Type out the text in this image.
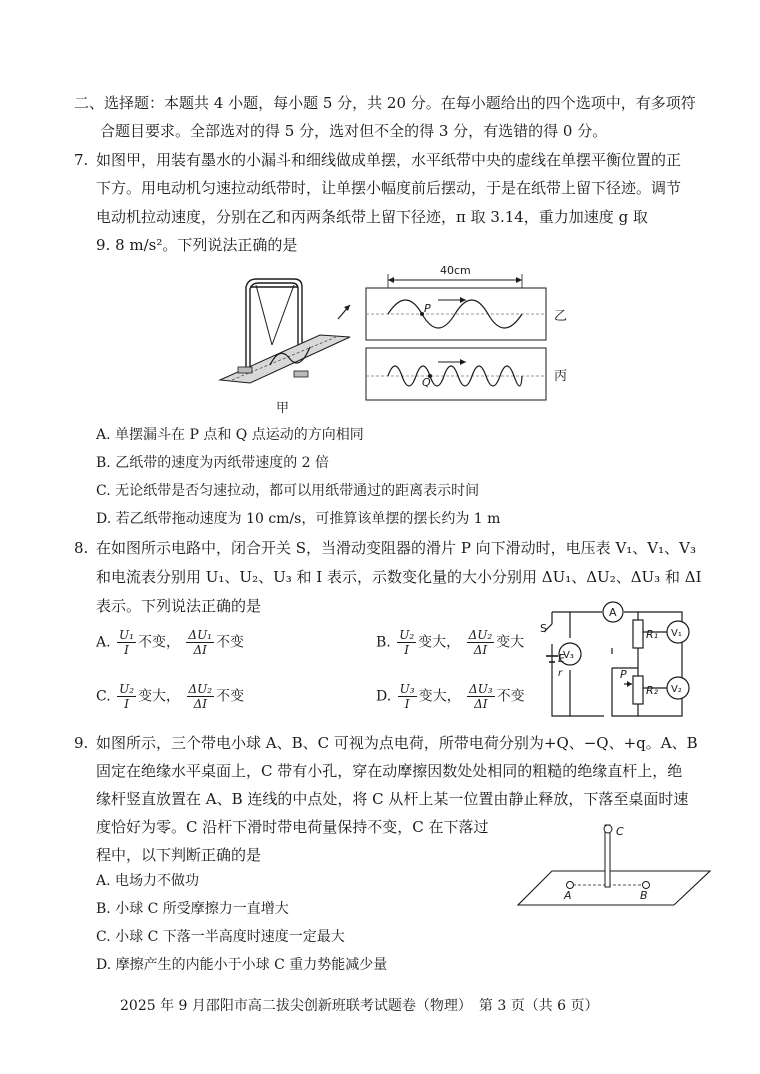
二、选择题：本题共 4 小题，每小题 5 分，共 20 分。在每小题给出的四个选项中，有多项符
合题目要求。全部选对的得 5 分，选对但不全的得 3 分，有选错的得 0 分。
7. 如图甲，用装有墨水的小漏斗和细线做成单摆，水平纸带中央的虚线在单摆平衡位置的正
下方。用电动机匀速拉动纸带时，让单摆小幅度前后摆动，于是在纸带上留下径迹。调节
电动机拉动速度，分别在乙和丙两条纸带上留下径迹，π 取 3.14，重力加速度 g 取
9. 8 m/s²。下列说法正确的是
甲
40cm
P
乙
Q	丙
A. 单摆漏斗在 P 点和 Q 点运动的方向相同
B. 乙纸带的速度为丙纸带速度的 2 倍
C. 无论纸带是否匀速拉动，都可以用纸带通过的距离表示时间
D. 若乙纸带拖动速度为 10 cm/s，可推算该单摆的摆长约为 1 m
8. 在如图所示电路中，闭合开关 S，当滑动变阻器的滑片 P 向下滑动时，电压表 V₁、V₁、V₃
和电流表分别用 U₁、U₂、U₃ 和 I 表示，示数变化量的大小分别用 ΔU₁、ΔU₂、ΔU₃ 和 ΔI
表示。下列说法正确的是
A. $\frac{\text{U₁}}{I}$ 不变， $\frac{\text{ΔU₁}}{\Delta I}$ 不变	B. $\frac{\text{U₂}}{I}$ 变大， $\frac{\text{ΔU₂}}{\Delta I}$ 变大
C. $\frac{\text{U₂}}{I}$ 变大， $\frac{\text{ΔU₂}}{\Delta I}$ 不变	D. $\frac{\text{U₃}}{I}$ 变大， $\frac{\text{ΔU₃}}{\Delta I}$ 不变
A
V₃
V₁
V₂
R₁
R₂
P
S
E
r
9. 如图所示，三个带电小球 A、B、C 可视为点电荷，所带电荷分别为+Q、−Q、+q。A、B
固定在绝缘水平桌面上，C 带有小孔，穿在动摩擦因数处处相同的粗糙的绝缘直杆上，绝
缘杆竖直放置在 A、B 连线的中点处，将 C 从杆上某一位置由静止释放，下落至桌面时速
度恰好为零。C 沿杆下滑时带电荷量保持不变，C 在下落过
程中，以下判断正确的是
C
A	B
A. 电场力不做功
B. 小球 C 所受摩擦力一直增大
C. 小球 C 下落一半高度时速度一定最大
D. 摩擦产生的内能小于小球 C 重力势能减少量
2025 年 9 月邵阳市高二拔尖创新班联考试题卷（物理）　第 3 页（共 6 页）
